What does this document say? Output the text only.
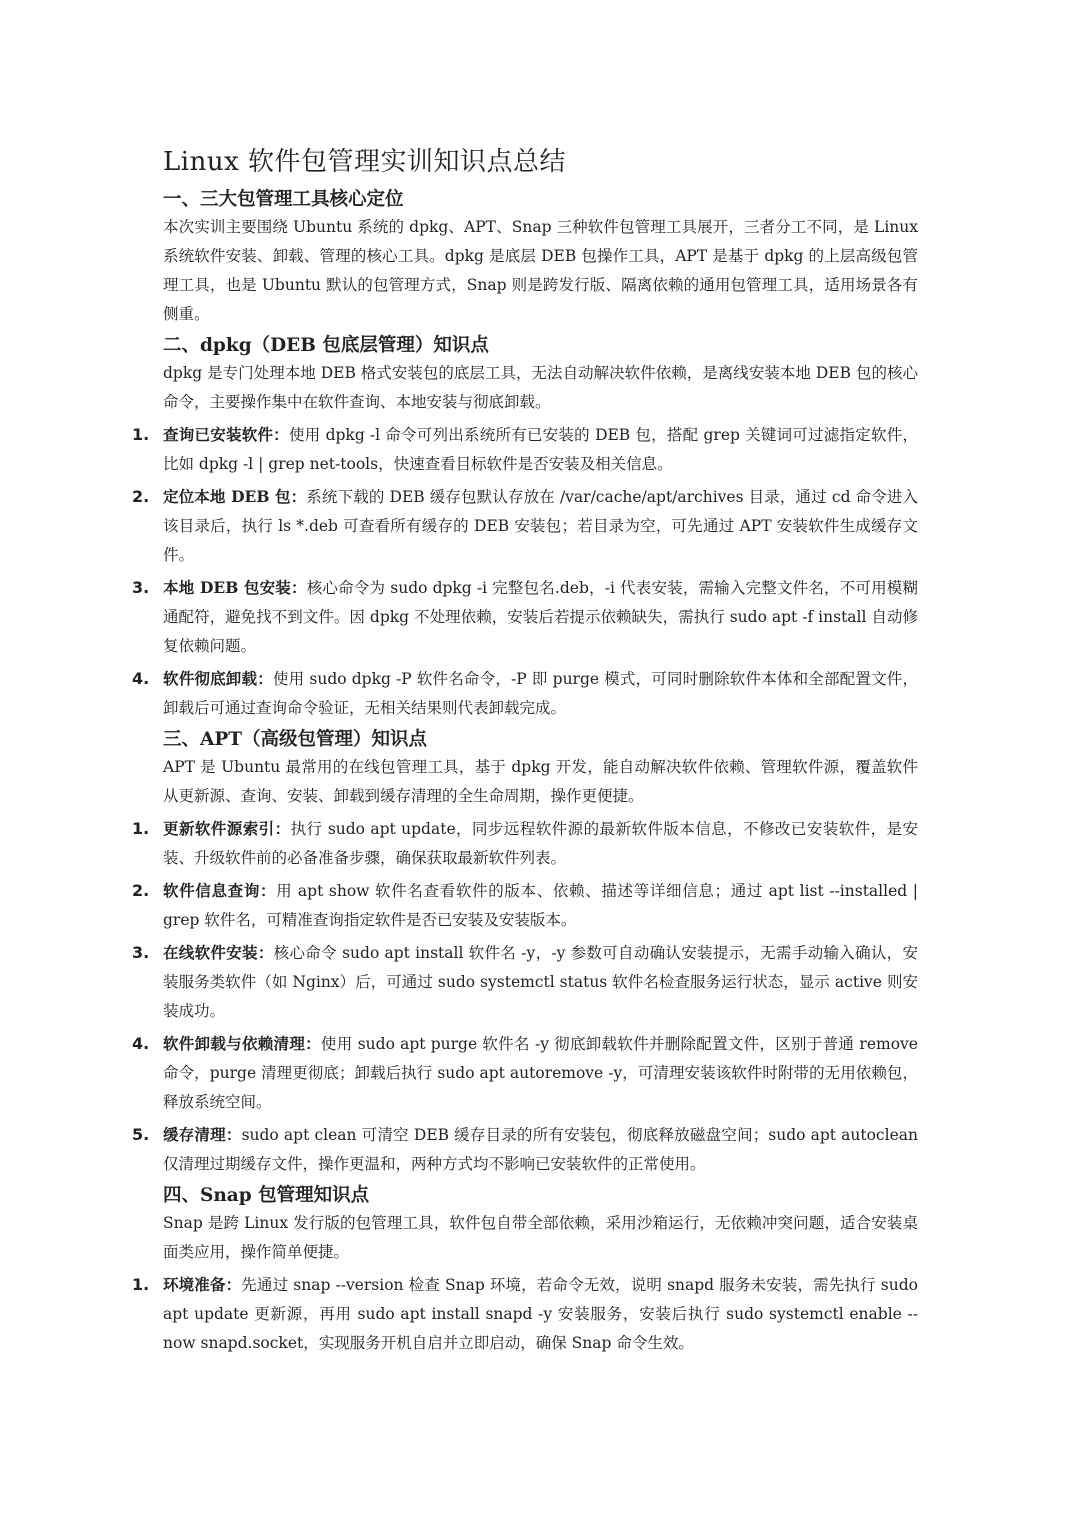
Linux 软件包管理实训知识点总结
一、三大包管理工具核心定位

本次实训主要围绕 Ubuntu 系统的 dpkg、APT、Snap 三种软件包管理工具展开，三者分工不同，是 Linux 系统软件安装、卸载、管理的核心工具。dpkg 是底层 DEB 包操作工具，APT 是基于 dpkg 的上层高级包管理工具，也是 Ubuntu 默认的包管理方式，Snap 则是跨发行版、隔离依赖的通用包管理工具，适用场景各有侧重。

二、dpkg（DEB 包底层管理）知识点

dpkg 是专门处理本地 DEB 格式安装包的底层工具，无法自动解决软件依赖，是离线安装本地 DEB 包的核心命令，主要操作集中在软件查询、本地安装与彻底卸载。

1. 查询已安装软件：使用 dpkg -l 命令可列出系统所有已安装的 DEB 包，搭配 grep 关键词可过滤指定软件，比如 dpkg -l | grep net-tools，快速查看目标软件是否安装及相关信息。
2. 定位本地 DEB 包：系统下载的 DEB 缓存包默认存放在 /var/cache/apt/archives 目录，通过 cd 命令进入该目录后，执行 ls *.deb 可查看所有缓存的 DEB 安装包；若目录为空，可先通过 APT 安装软件生成缓存文件。
3. 本地 DEB 包安装：核心命令为 sudo dpkg -i 完整包名.deb，-i 代表安装，需输入完整文件名，不可用模糊通配符，避免找不到文件。因 dpkg 不处理依赖，安装后若提示依赖缺失，需执行 sudo apt -f install 自动修复依赖问题。
4. 软件彻底卸载：使用 sudo dpkg -P 软件名命令，-P 即 purge 模式，可同时删除软件本体和全部配置文件，卸载后可通过查询命令验证，无相关结果则代表卸载完成。
三、APT（高级包管理）知识点

APT 是 Ubuntu 最常用的在线包管理工具，基于 dpkg 开发，能自动解决软件依赖、管理软件源，覆盖软件从更新源、查询、安装、卸载到缓存清理的全生命周期，操作更便捷。

1. 更新软件源索引：执行 sudo apt update，同步远程软件源的最新软件版本信息，不修改已安装软件，是安装、升级软件前的必备准备步骤，确保获取最新软件列表。
2. 软件信息查询：用 apt show 软件名查看软件的版本、依赖、描述等详细信息；通过 apt list --installed | grep 软件名，可精准查询指定软件是否已安装及安装版本。
3. 在线软件安装：核心命令 sudo apt install 软件名 -y，-y 参数可自动确认安装提示，无需手动输入确认，安装服务类软件（如 Nginx）后，可通过 sudo systemctl status 软件名检查服务运行状态，显示 active 则安装成功。
4. 软件卸载与依赖清理：使用 sudo apt purge 软件名 -y 彻底卸载软件并删除配置文件，区别于普通 remove 命令，purge 清理更彻底；卸载后执行 sudo apt autoremove -y，可清理安装该软件时附带的无用依赖包，释放系统空间。
5. 缓存清理：sudo apt clean 可清空 DEB 缓存目录的所有安装包，彻底释放磁盘空间；sudo apt autoclean 仅清理过期缓存文件，操作更温和，两种方式均不影响已安装软件的正常使用。
四、Snap 包管理知识点

Snap 是跨 Linux 发行版的包管理工具，软件包自带全部依赖，采用沙箱运行，无依赖冲突问题，适合安装桌面类应用，操作简单便捷。

1. 环境准备：先通过 snap --version 检查 Snap 环境，若命令无效，说明 snapd 服务未安装，需先执行 sudo apt update 更新源，再用 sudo apt install snapd -y 安装服务，安装后执行 sudo systemctl enable --now snapd.socket，实现服务开机自启并立即启动，确保 Snap 命令生效。
